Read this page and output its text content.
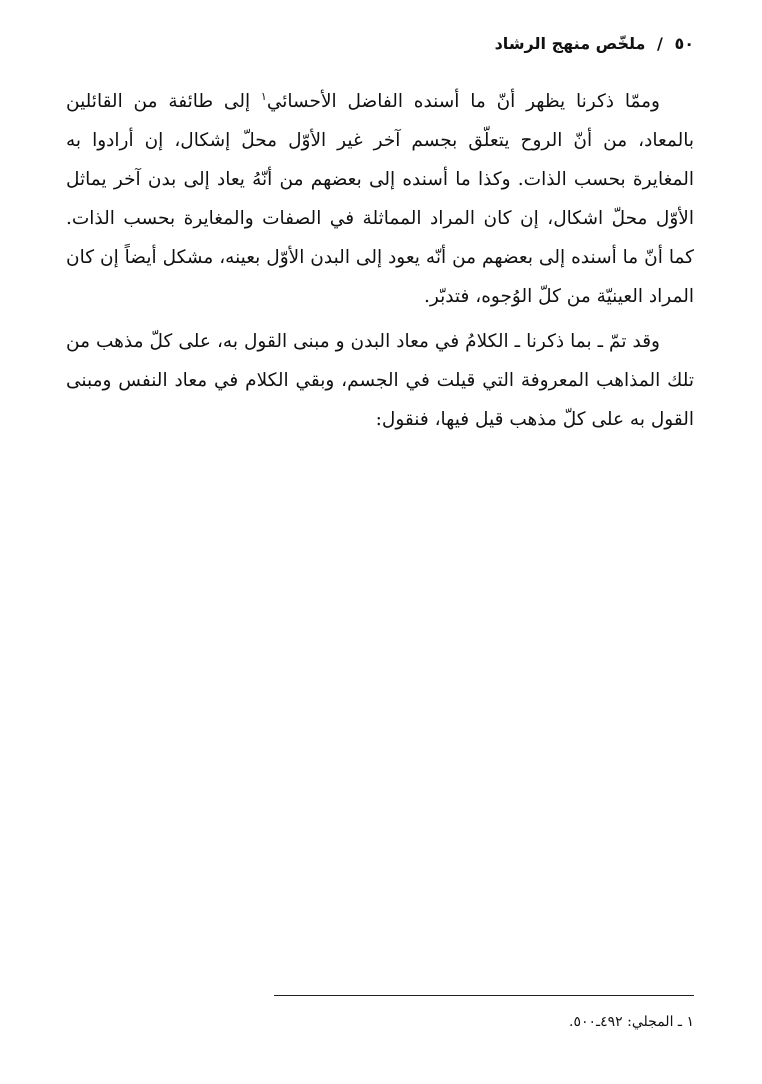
٥٠ / ملخّص منهج الرشاد

وممّا ذكرنا يظهر أنّ ما أسنده الفاضل الأحسائي$^١$ إلى طائفة من القائلين بالمعاد، من أنّ الروح يتعلّق بجسم آخر غير الأوّل محلّ إشكال، إن أرادوا به المغايرة بحسب الذات. وكذا ما أسنده إلى بعضهم من أنّهُ يعاد إلى بدن آخر يماثل الأوّل محلّ اشكال، إن كان المراد المماثلة في الصفات والمغايرة بحسب الذات. كما أنّ ما أسنده إلى بعضهم من أنّه يعود إلى البدن الأوّل بعينه، مشكل أيضاً إن كان المراد العينيّة من كلّ الوُجوه، فتدبّر.

وقد تمّ ـ بما ذكرنا ـ الكلامُ في معاد البدن و مبنى القول به، على كلّ مذهب من تلك المذاهب المعروفة التي قيلت في الجسم، وبقي الكلام في معاد النفس ومبنى القول به على كلّ مذهب قيل فيها، فنقول:

١ ـ المجلي: ٤٩٢ـ٥٠٠.
